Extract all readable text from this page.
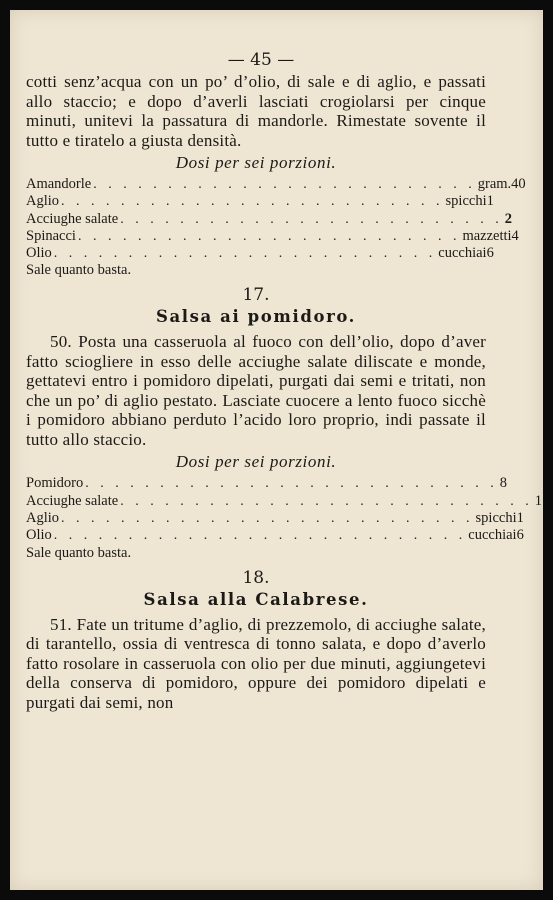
— 45 —

cotti senz’acqua con un po’ d’olio, di sale e di aglio, e passati allo staccio; e dopo d’averli lasciati crogiolarsi per cinque minuti, unitevi la passatura di mandorle. Rimestate sovente il tutto e tiratelo a giusta densità.

Dosi per sei porzioni.
Amandorle . . . . . . . . . . . . . . . . . . . . . . . . . . gram. 40
Aglio . . . . . . . . . . . . . . . . . . . . . . . . . . spicchi 1
Acciughe salate . . . . . . . . . . . . . . . . . . . . . . . . . . 2
Spinacci . . . . . . . . . . . . . . . . . . . . . . . . . . mazzetti 4
Olio . . . . . . . . . . . . . . . . . . . . . . . . . . cucchiai 6
Sale quanto basta.
17.
Salsa ai pomidoro.

50. Posta una casseruola al fuoco con dell’olio, dopo d’aver fatto sciogliere in esso delle acciughe salate diliscate e monde, gettatevi entro i pomidoro dipelati, purgati dai semi e tritati, non che un po’ di aglio pestato. Lasciate cuocere a lento fuoco sicchè i pomidoro abbiano perduto l’acido loro proprio, indi passate il tutto allo staccio.

Dosi per sei porzioni.
Pomidoro . . . . . . . . . . . . . . . . . . . . . . . . . . . . 8
Acciughe salate . . . . . . . . . . . . . . . . . . . . . . . . . . . . 1
Aglio . . . . . . . . . . . . . . . . . . . . . . . . . . . . spicchi 1
Olio . . . . . . . . . . . . . . . . . . . . . . . . . . . . cucchiai 6
Sale quanto basta.
18.
Salsa alla Calabrese.

51. Fate un tritume d’aglio, di prezzemolo, di acciughe salate, di tarantello, ossia di ventresca di tonno salata, e dopo d’averlo fatto rosolare in casseruola con olio per due minuti, aggiungetevi della conserva di pomidoro, oppure dei pomidoro dipelati e purgati dai semi, non
